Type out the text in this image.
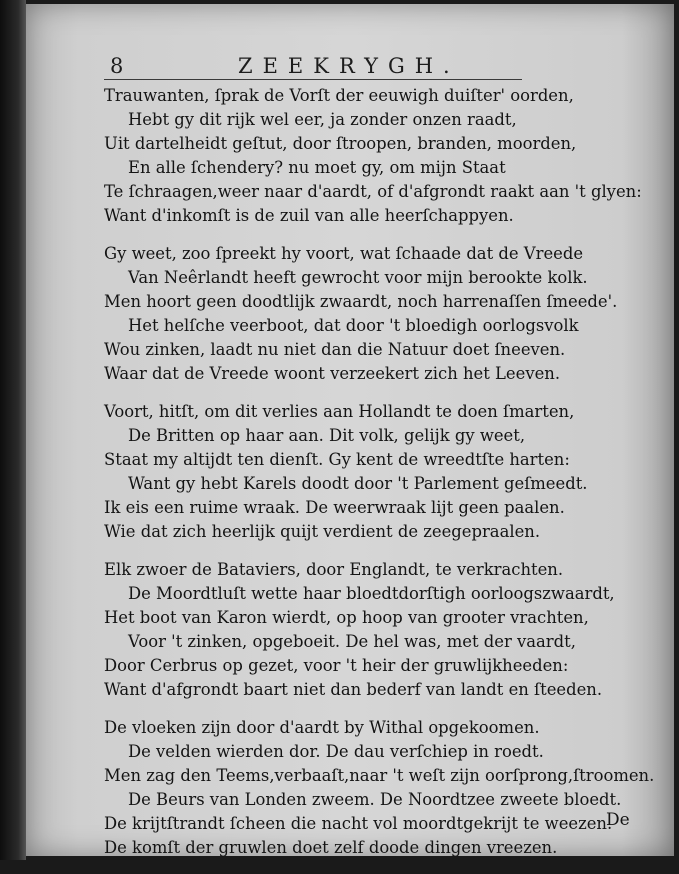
8	ZEEKRYGH.
Trauwanten, ſprak de Vorſt der eeuwigh duiſter' oorden,
Hebt gy dit rijk wel eer, ja zonder onzen raadt,
Uit dartelheidt geſtut, door ſtroopen, branden, moorden,
En alle ſchendery? nu moet gy, om mijn Staat
Te ſchraagen,weer naar d'aardt, of d'afgrondt raakt aan 't glyen:
Want d'inkomſt is de zuil van alle heerſchappyen.
Gy weet, zoo ſpreekt hy voort, wat ſchaade dat de Vreede
Van Neêrlandt heeft gewrocht voor mijn berookte kolk.
Men hoort geen doodtlijk zwaardt, noch harrenaſſen ſmeede'.
Het helſche veerboot, dat door 't bloedigh oorlogsvolk
Wou zinken, laadt nu niet dan die Natuur doet ſneeven.
Waar dat de Vreede woont verzeekert zich het Leeven.
Voort, hitſt, om dit verlies aan Hollandt te doen ſmarten,
De Britten op haar aan. Dit volk, gelijk gy weet,
Staat my altijdt ten dienſt. Gy kent de wreedtſte harten:
Want gy hebt Karels doodt door 't Parlement geſmeedt.
Ik eis een ruime wraak. De weerwraak lijt geen paalen.
Wie dat zich heerlijk quijt verdient de zeegepraalen.
Elk zwoer de Bataviers, door Englandt, te verkrachten.
De Moordtluſt wette haar bloedtdorſtigh oorloogszwaardt,
Het boot van Karon wierdt, op hoop van grooter vrachten,
Voor 't zinken, opgeboeit. De hel was, met der vaardt,
Door Cerbrus op gezet, voor 't heir der gruwlijkheeden:
Want d'afgrondt baart niet dan bederf van landt en ſteeden.
De vloeken zijn door d'aardt by Withal opgekoomen.
De velden wierden dor. De dau verſchiep in roedt.
Men zag den Teems,verbaaſt,naar 't weſt zijn oorſprong,ſtroomen.
De Beurs van Londen zweem. De Noordtzee zweete bloedt.
De krijtſtrandt ſcheen die nacht vol moordtgekrijt te weezen.
De komſt der gruwlen doet zelf doode dingen vreezen.
De
